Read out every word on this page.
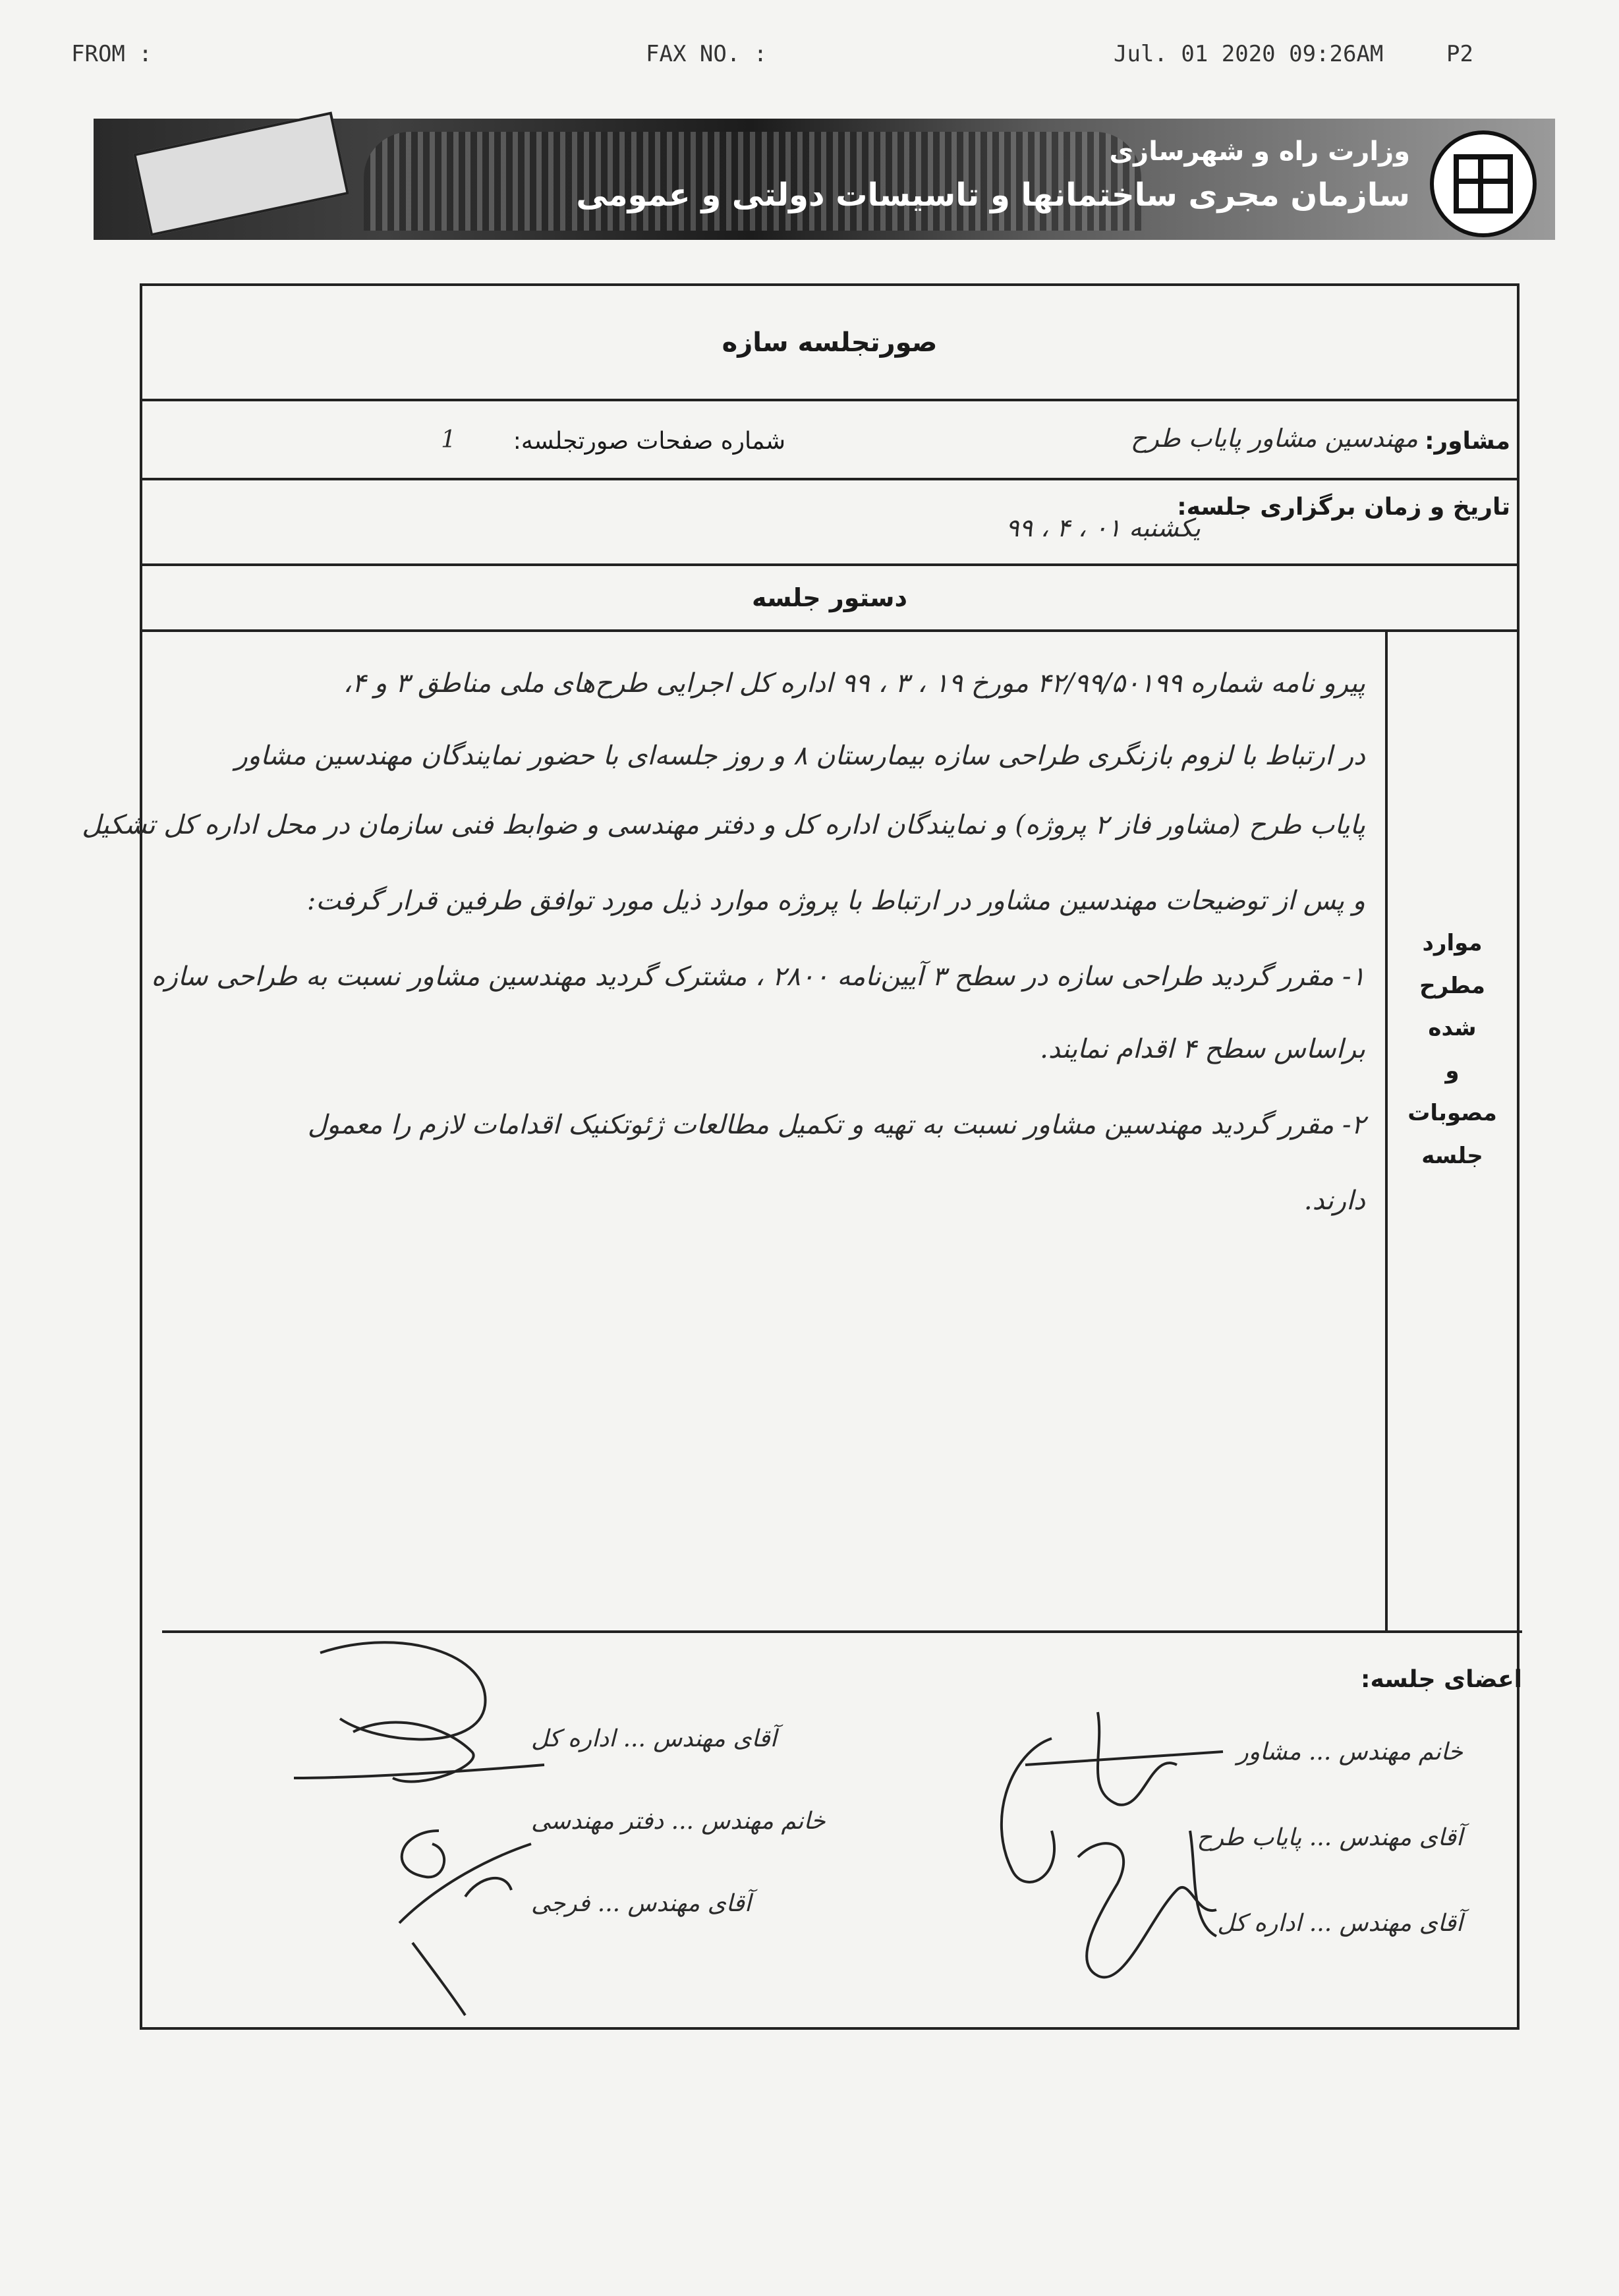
FROM :	FAX NO. :	Jul. 01 2020 09:26AM	P2
وزارت راه و شهرسازی
سازمان مجری ساختمانها و تاسیسات دولتی و عمومی
صورتجلسه سازه
مشاور:
مهندسین مشاور پایاب طرح
شماره صفحات صورتجلسه:
1
تاریخ و زمان برگزاری جلسه:
یکشنبه ۰۱ ، ۴ ، ۹۹
دستور جلسه
موارد
مطرح
شده
و
مصوبات
جلسه
پیرو نامه شماره ۴۲/۹۹/۵۰۱۹۹ مورخ ۱۹ ، ۳ ، ۹۹ اداره کل اجرایی طرح‌های ملی مناطق ۳ و ۴،
در ارتباط با لزوم بازنگری طراحی سازه بیمارستان ۸ و روز جلسه‌ای با حضور نمایندگان مهندسین مشاور
پایاب طرح (مشاور فاز ۲ پروژه) و نمایندگان اداره کل و دفتر مهندسی و ضوابط فنی سازمان در محل اداره کل تشکیل
و پس از توضیحات مهندسین مشاور در ارتباط با پروژه موارد ذیل مورد توافق طرفین قرار گرفت:
۱- مقرر گردید طراحی سازه در سطح ۳ آیین‌نامه ۲۸۰۰ ، مشترک گردید مهندسین مشاور نسبت به طراحی سازه
براساس سطح ۴ اقدام نمایند.
۲- مقرر گردید مهندسین مشاور نسبت به تهیه و تکمیل مطالعات ژئوتکنیک اقدامات لازم را معمول
دارند.
اعضای جلسه:
خانم مهندس ... مشاور
آقای مهندس ... پایاب طرح
آقای مهندس ... اداره کل
آقای مهندس ... اداره کل
خانم مهندس ... دفتر مهندسی
آقای مهندس ... فرجی
